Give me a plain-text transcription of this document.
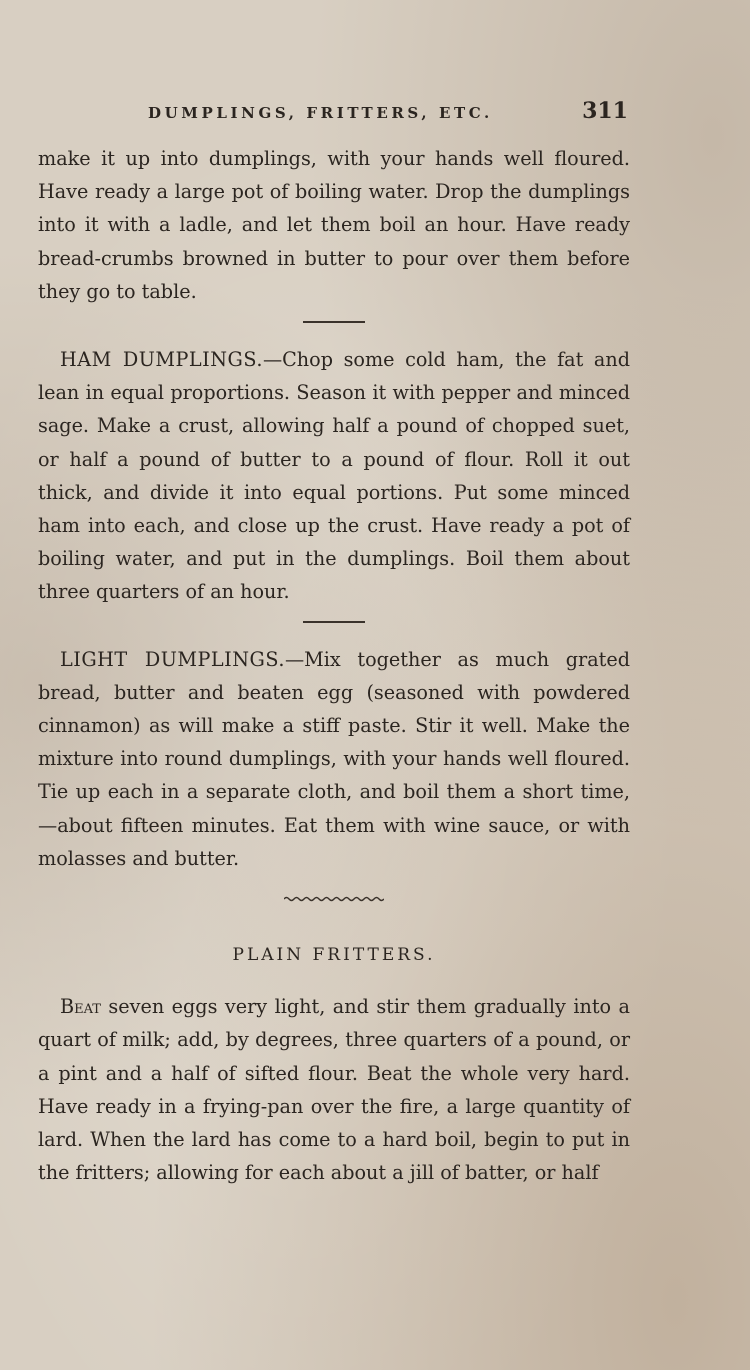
DUMPLINGS, FRITTERS, ETC.	311

make it up into dumplings, with your hands well floured. Have ready a large pot of boiling water. Drop the dumplings into it with a ladle, and let them boil an hour. Have ready bread-crumbs browned in butter to pour over them before they go to table.

HAM DUMPLINGS.—Chop some cold ham, the fat and lean in equal proportions. Season it with pepper and minced sage. Make a crust, allowing half a pound of chopped suet, or half a pound of butter to a pound of flour. Roll it out thick, and divide it into equal portions. Put some minced ham into each, and close up the crust. Have ready a pot of boiling water, and put in the dumplings. Boil them about three quarters of an hour.

LIGHT DUMPLINGS.—Mix together as much grated bread, butter and beaten egg (seasoned with powdered cinnamon) as will make a stiff paste. Stir it well. Make the mixture into round dumplings, with your hands well floured. Tie up each in a separate cloth, and boil them a short time,—about fifteen minutes. Eat them with wine sauce, or with molasses and butter.

PLAIN FRITTERS.

Beat seven eggs very light, and stir them gradually into a quart of milk; add, by degrees, three quarters of a pound, or a pint and a half of sifted flour. Beat the whole very hard. Have ready in a frying-pan over the fire, a large quantity of lard. When the lard has come to a hard boil, begin to put in the fritters; allowing for each about a jill of batter, or half
